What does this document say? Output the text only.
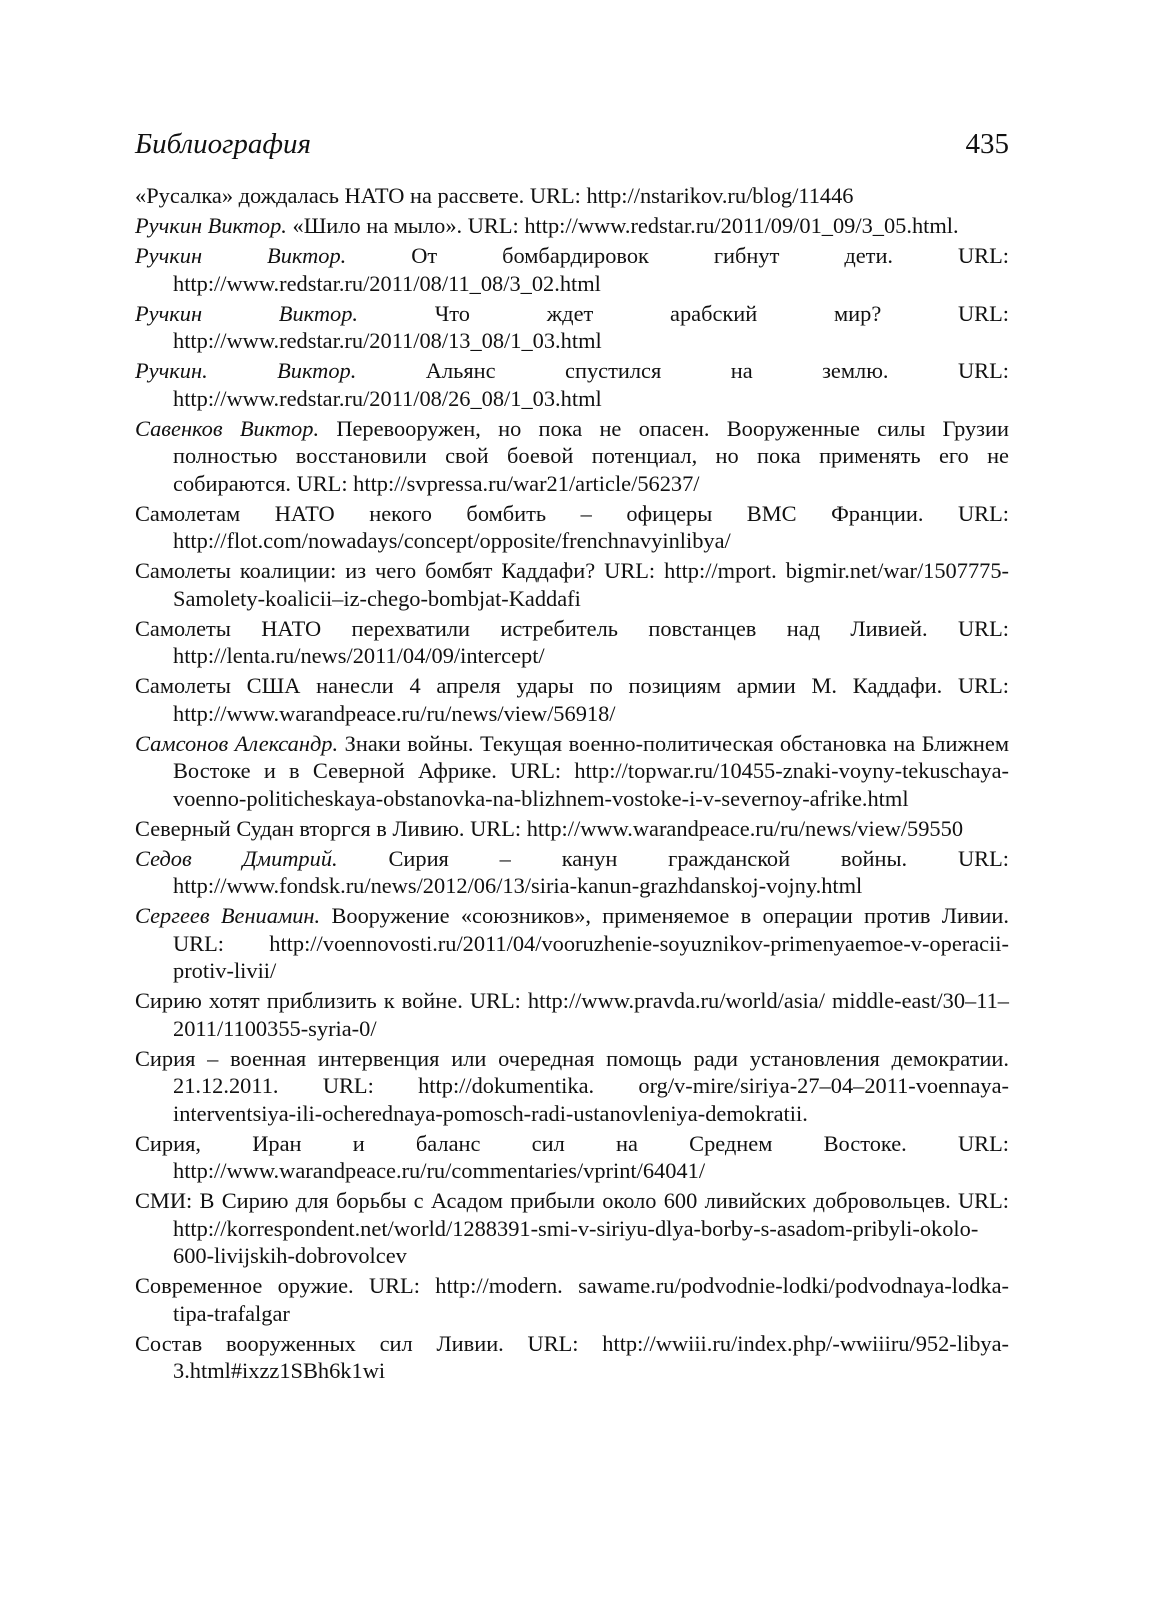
Библиография	435

«Русалка» дождалась НАТО на рассвете. URL: http://nstarikov.ru/blog/11446

Ручкин Виктор. «Шило на мыло». URL: http://www.redstar.ru/2011/09/01_09/3_05.html.

Ручкин Виктор.	От бомбардировок гибнут дети. URL: http://www.redstar.ru/2011/08/11_08/3_02.html

Ручкин Виктор.	Что ждет арабский мир? URL: http://www.redstar.ru/2011/08/13_08/1_03.html

Ручкин. Виктор.	Альянс спустился на землю. URL: http://www.redstar.ru/2011/08/26_08/1_03.html

Савенков Виктор. Перевооружен, но пока не опасен. Вооруженные силы Грузии полностью восстановили свой боевой потенциал, но пока применять его не собираются. URL: http://svpressa.ru/war21/article/56237/

Самолетам НАТО некого бомбить – офицеры ВМС Франции. URL: http://flot.com/nowadays/concept/opposite/frenchnavyinlibya/

Самолеты коалиции: из чего бомбят Каддафи? URL: http://mport. bigmir.net/war/1507775-Samolety-koalicii–iz-chego-bombjat-Kaddafi

Самолеты НАТО перехватили истребитель повстанцев над Ливией. URL: http://lenta.ru/news/2011/04/09/intercept/

Самолеты США нанесли 4 апреля удары по позициям армии М. Каддафи. URL: http://www.warandpeace.ru/ru/news/view/56918/

Самсонов Александр. Знаки войны. Текущая военно-политическая обстановка на Ближнем Востоке и в Северной Африке. URL: http://topwar.ru/10455-znaki-voyny-tekuschaya-voenno-politicheskaya-obstanovka-na-blizhnem-vostoke-i-v-severnoy-afrike.html

Северный Судан вторгся в Ливию. URL: http://www.warandpeace.ru/ru/news/view/59550

Седов Дмитрий. Сирия – канун гражданской войны. URL: http://www.fondsk.ru/news/2012/06/13/siria-kanun-grazhdanskoj-vojny.html

Сергеев Вениамин. Вооружение «союзников», применяемое в операции против Ливии. URL: http://voennovosti.ru/2011/04/vooruzhenie-soyuznikov-primenyaemoe-v-operacii-protiv-livii/

Сирию хотят приблизить к войне. URL: http://www.pravda.ru/world/asia/ middle-east/30–11–2011/1100355-syria-0/

Сирия – военная интервенция или очередная помощь ради установления демократии. 21.12.2011. URL: http://dokumentika. org/v-mire/siriya-27–04–2011-voennaya-interventsiya-ili-ocherednaya-pomosch-radi-ustanovleniya-demokratii.

Сирия, Иран и баланс сил на Среднем Востоке. URL: http://www.warandpeace.ru/ru/commentaries/vprint/64041/

СМИ: В Сирию для борьбы с Асадом прибыли около 600 ливийских добровольцев. URL: http://korrespondent.net/world/1288391-smi-v-siriyu-dlya-borby-s-asadom-pribyli-okolo-600-livijskih-dobrovolcev

Современное оружие. URL: http://modern. sawame.ru/podvodnie-lodki/podvodnaya-lodka-tipa-trafalgar

Состав вооруженных сил Ливии. URL: http://wwiii.ru/index.php/-wwiiiru/952-libya-3.html#ixzz1SBh6k1wi
